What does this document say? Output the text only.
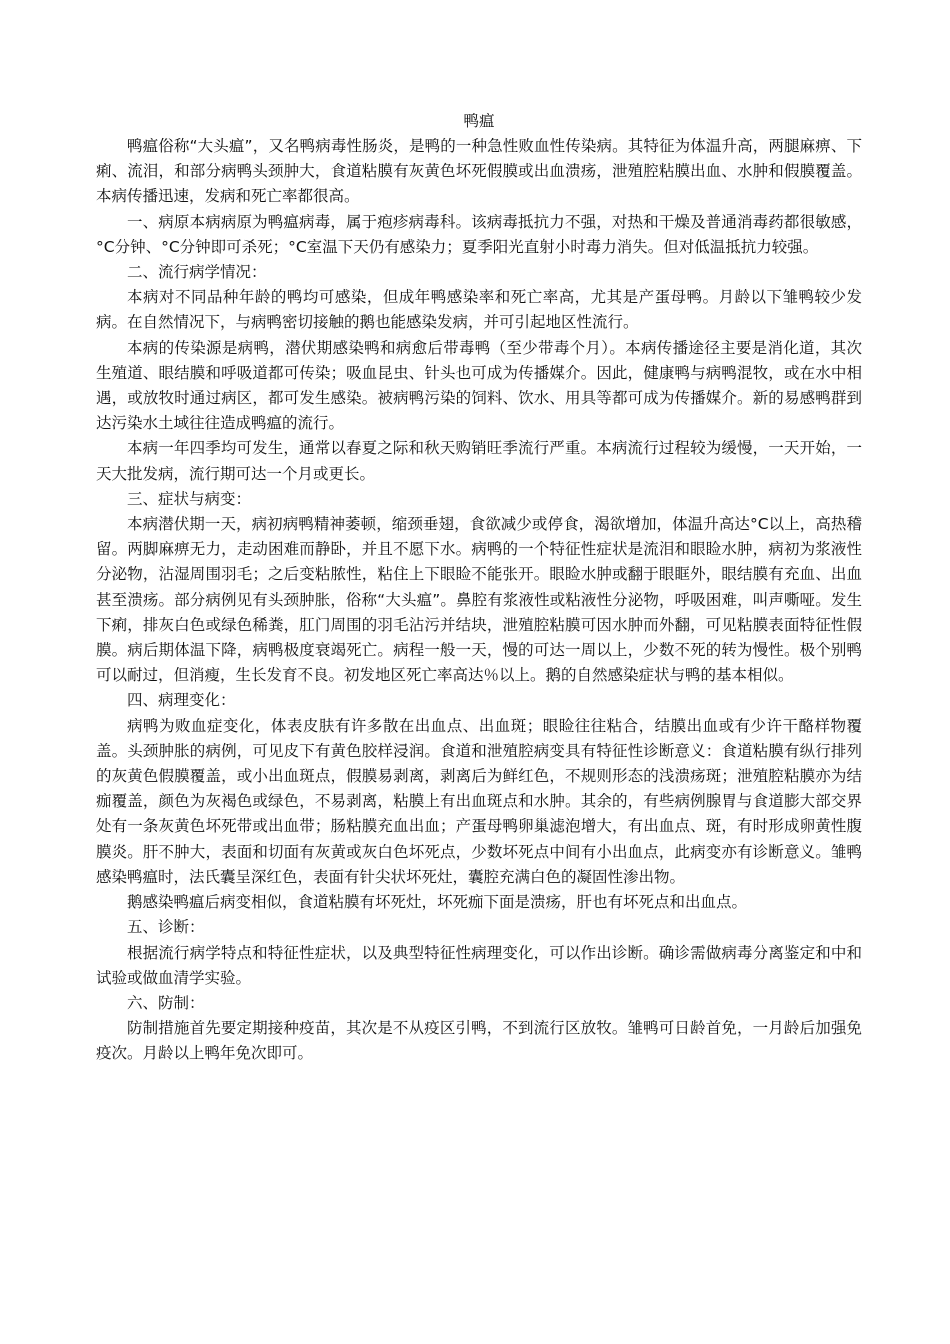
鸭瘟

鸭瘟俗称“大头瘟”，又名鸭病毒性肠炎，是鸭的一种急性败血性传染病。其特征为体温升高，两腿麻痹、下痢、流泪，和部分病鸭头颈肿大，食道粘膜有灰黄色坏死假膜或出血溃疡，泄殖腔粘膜出血、水肿和假膜覆盖。本病传播迅速，发病和死亡率都很高。

一、病原本病病原为鸭瘟病毒，属于疱疹病毒科。该病毒抵抗力不强，对热和干燥及普通消毒药都很敏感，°C分钟、°C分钟即可杀死；°C室温下天仍有感染力；夏季阳光直射小时毒力消失。但对低温抵抗力较强。

二、流行病学情况：

本病对不同品种年龄的鸭均可感染，但成年鸭感染率和死亡率高，尤其是产蛋母鸭。月龄以下雏鸭较少发病。在自然情况下，与病鸭密切接触的鹅也能感染发病，并可引起地区性流行。

本病的传染源是病鸭，潜伏期感染鸭和病愈后带毒鸭（至少带毒个月）。本病传播途径主要是消化道，其次生殖道、眼结膜和呼吸道都可传染；吸血昆虫、针头也可成为传播媒介。因此，健康鸭与病鸭混牧，或在水中相遇，或放牧时通过病区，都可发生感染。被病鸭污染的饲料、饮水、用具等都可成为传播媒介。新的易感鸭群到达污染水土域往往造成鸭瘟的流行。

本病一年四季均可发生，通常以春夏之际和秋天购销旺季流行严重。本病流行过程较为缓慢，一天开始，一天大批发病，流行期可达一个月或更长。

三、症状与病变：

本病潜伏期一天，病初病鸭精神萎顿，缩颈垂翅，食欲减少或停食，渴欲增加，体温升高达°C以上，高热稽留。两脚麻痹无力，走动困难而静卧，并且不愿下水。病鸭的一个特征性症状是流泪和眼睑水肿，病初为浆液性分泌物，沾湿周围羽毛；之后变粘脓性，粘住上下眼睑不能张开。眼睑水肿或翻于眼眶外，眼结膜有充血、出血甚至溃疡。部分病例见有头颈肿胀，俗称“大头瘟”。鼻腔有浆液性或粘液性分泌物，呼吸困难，叫声嘶哑。发生下痢，排灰白色或绿色稀粪，肛门周围的羽毛沾污并结块，泄殖腔粘膜可因水肿而外翻，可见粘膜表面特征性假膜。病后期体温下降，病鸭极度衰竭死亡。病程一般一天，慢的可达一周以上，少数不死的转为慢性。极个别鸭可以耐过，但消瘦，生长发育不良。初发地区死亡率高达％以上。鹅的自然感染症状与鸭的基本相似。

四、病理变化：

病鸭为败血症变化，体表皮肤有许多散在出血点、出血斑；眼睑往往粘合，结膜出血或有少许干酪样物覆盖。头颈肿胀的病例，可见皮下有黄色胶样浸润。食道和泄殖腔病变具有特征性诊断意义：食道粘膜有纵行排列的灰黄色假膜覆盖，或小出血斑点，假膜易剥离，剥离后为鲜红色，不规则形态的浅溃疡斑；泄殖腔粘膜亦为结痂覆盖，颜色为灰褐色或绿色，不易剥离，粘膜上有出血斑点和水肿。其余的，有些病例腺胃与食道膨大部交界处有一条灰黄色坏死带或出血带；肠粘膜充血出血；产蛋母鸭卵巢滤泡增大，有出血点、斑，有时形成卵黄性腹膜炎。肝不肿大，表面和切面有灰黄或灰白色坏死点，少数坏死点中间有小出血点，此病变亦有诊断意义。雏鸭感染鸭瘟时，法氏囊呈深红色，表面有针尖状坏死灶，囊腔充满白色的凝固性渗出物。

鹅感染鸭瘟后病变相似，食道粘膜有坏死灶，坏死痂下面是溃疡，肝也有坏死点和出血点。

五、诊断：

根据流行病学特点和特征性症状，以及典型特征性病理变化，可以作出诊断。确诊需做病毒分离鉴定和中和试验或做血清学实验。

六、防制：

防制措施首先要定期接种疫苗，其次是不从疫区引鸭，不到流行区放牧。雏鸭可日龄首免，一月龄后加强免疫次。月龄以上鸭年免次即可。
